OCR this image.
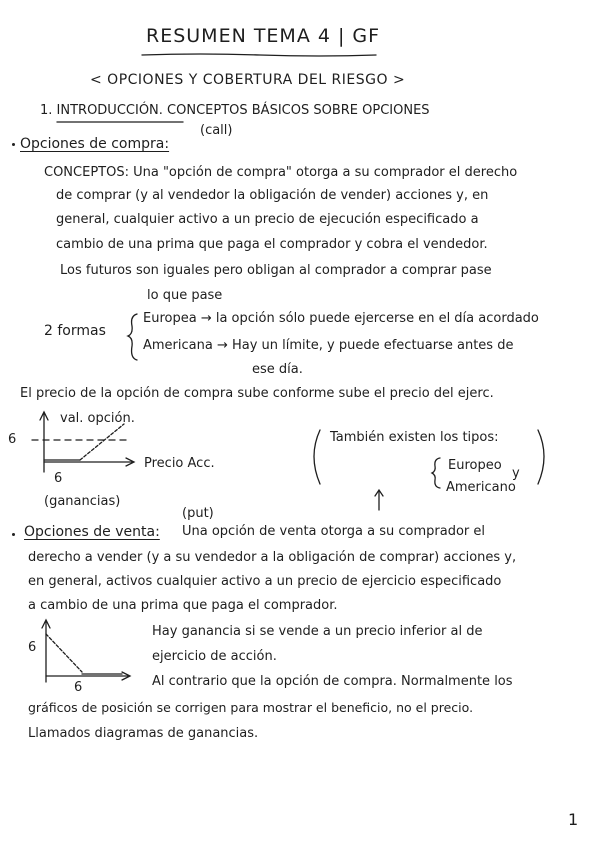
RESUMEN TEMA 4 | GF
< OPCIONES Y COBERTURA DEL RIESGO >
1. INTRODUCCIÓN. CONCEPTOS BÁSICOS SOBRE OPCIONES
(call)
Opciones de compra:
CONCEPTOS: Una "opción de compra" otorga a su comprador el derecho
de comprar (y al vendedor la obligación de vender) acciones y, en
general, cualquier activo a un precio de ejecución especificado a
cambio de una prima que paga el comprador y cobra el vendedor.
Los futuros son iguales pero obligan al comprador a comprar pase
lo que pase
2 formas
Europea → la opción sólo puede ejercerse en el día acordado
Americana → Hay un límite, y puede efectuarse antes de
ese día.
El precio de la opción de compra sube conforme sube el precio del ejerc.
val. opción.
6
Precio Acc.
6
(ganancias)
También existen los tipos:
Europeo
Americano
y
(put)
Opciones de venta: Una opción de venta otorga a su comprador el
derecho a vender (y a su vendedor a la obligación de comprar) acciones y,
en general, activos cualquier activo a un precio de ejercicio especificado
a cambio de una prima que paga el comprador.
6
6
Hay ganancia si se vende a un precio inferior al de
ejercicio de acción.
Al contrario que la opción de compra. Normalmente los
gráficos de posición se corrigen para mostrar el beneficio, no el precio.
Llamados diagramas de ganancias.
1
